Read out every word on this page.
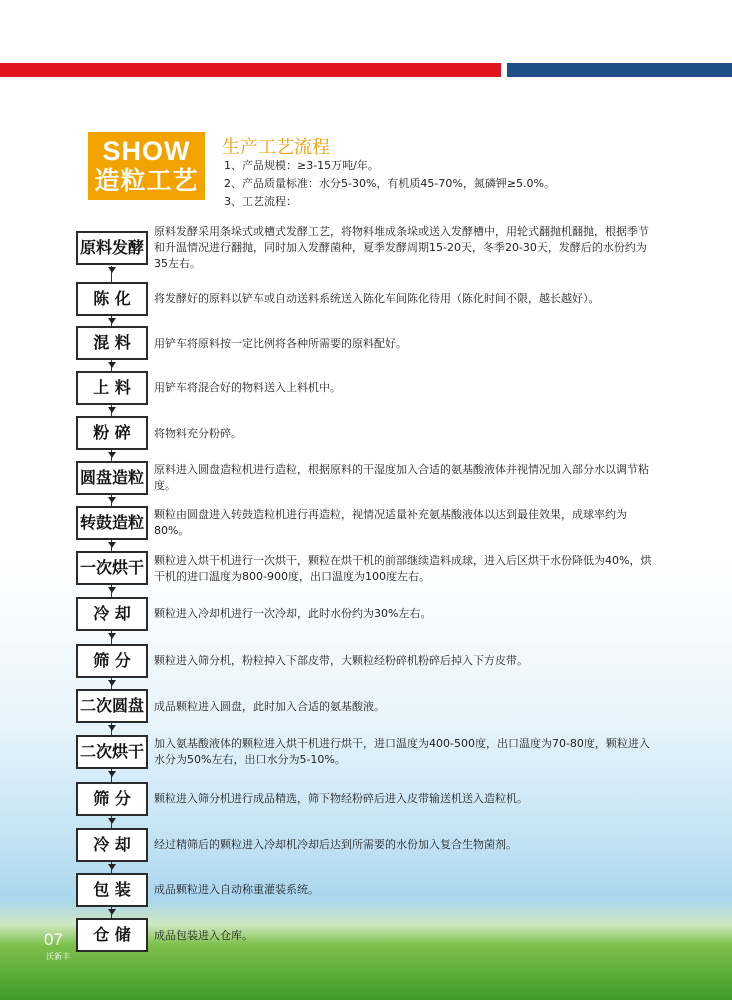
SHOW
造粒工艺
生产工艺流程
1、产品规模：≥3-15万吨/年。
2、产品质量标准：水分5-30%，有机质45-70%，氮磷钾≥5.0%。
3、工艺流程：
原料发酵
原料发酵采用条垛式或槽式发酵工艺，将物料堆成条垛或送入发酵槽中，用轮式翻抛机翻抛，根据季节和升温情况进行翻抛，同时加入发酵菌种，夏季发酵周期15-20天，冬季20-30天，发酵后的水份约为35左右。
陈 化	将发酵好的原料以铲车或自动送料系统送入陈化车间陈化待用（陈化时间不限，越长越好）。
混 料	用铲车将原料按一定比例将各种所需要的原料配好。
上 料	用铲车将混合好的物料送入上料机中。
粉 碎	将物料充分粉碎。
圆盘造粒 原料进入圆盘造粒机进行造粒，根据原料的干湿度加入合适的氨基酸液体并视情况加入部分水以调节粘度。
转鼓造粒 颗粒由圆盘进入转鼓造粒机进行再造粒，视情况适量补充氨基酸液体以达到最佳效果，成球率约为80%。
一次烘干 颗粒进入烘干机进行一次烘干，颗粒在烘干机的前部继续造料成球，进入后区烘干水份降低为40%，烘干机的进口温度为800-900度，出口温度为100度左右。
冷 却	颗粒进入冷却机进行一次冷却，此时水份约为30%左右。
筛 分	颗粒进入筛分机，粉粒掉入下部皮带，大颗粒经粉碎机粉碎后掉入下方皮带。
二次圆盘 成品颗粒进入圆盘，此时加入合适的氨基酸液。
二次烘干 加入氨基酸液体的颗粒进入烘干机进行烘干，进口温度为400-500度，出口温度为70-80度，颗粒进入水分为50%左右，出口水分为5-10%。
筛 分	颗粒进入筛分机进行成品精选，筛下物经粉碎后进入皮带输送机送入造粒机。
冷 却	经过精筛后的颗粒进入冷却机冷却后达到所需要的水份加入复合生物菌剂。
包 装	成品颗粒进入自动称重灌装系统。
仓 储	成品包装进入仓库。
07
沃新丰
